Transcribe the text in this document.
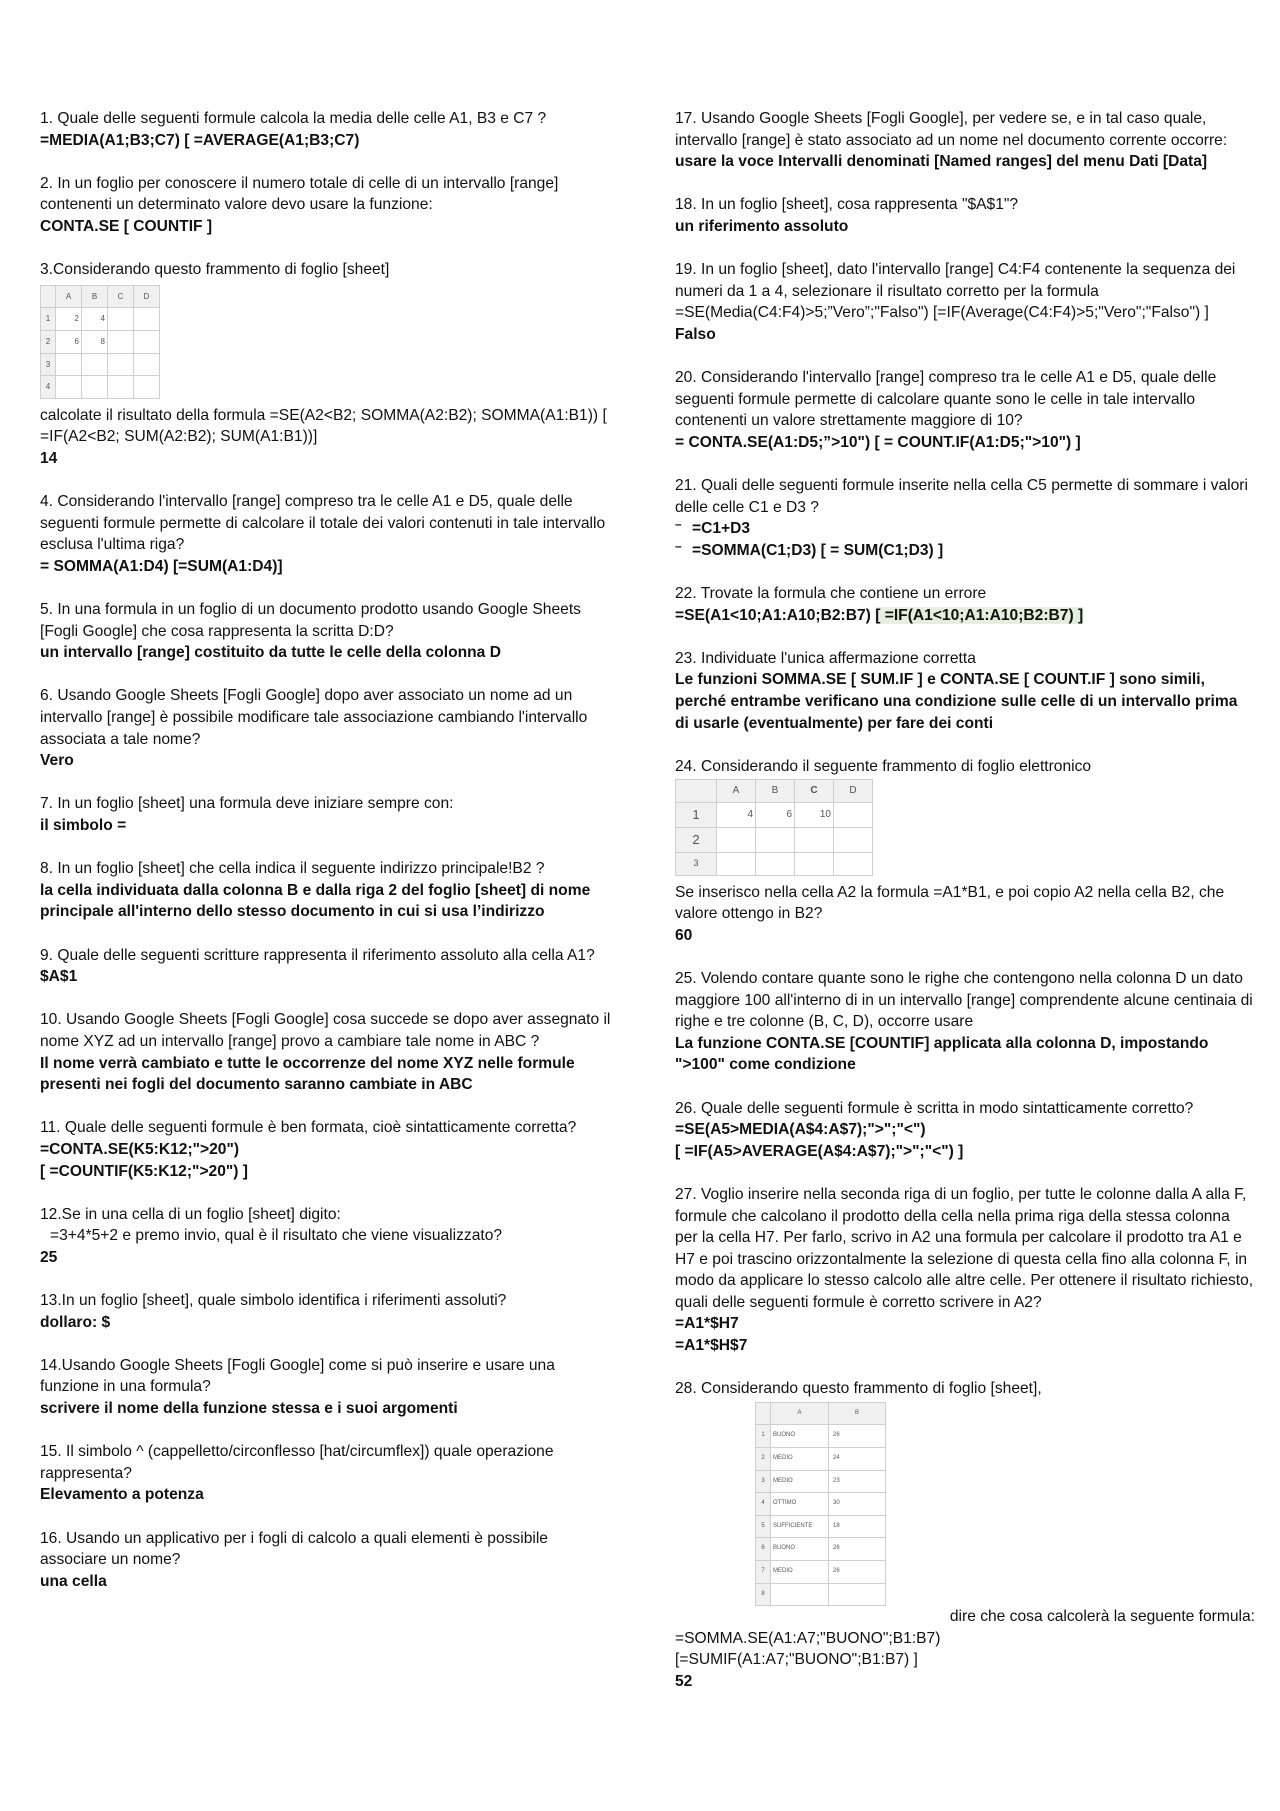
1. Quale delle seguenti formule calcola la media delle celle A1, B3 e C7 ?

=MEDIA(A1;B3;C7) [ =AVERAGE(A1;B3;C7)

2. In un foglio per conoscere il numero totale di celle di un intervallo [range] contenenti un determinato valore devo usare la funzione:

CONTA.SE [ COUNTIF ]

3.Considerando questo frammento di foglio [sheet]

	A	B	C	D
1	2	4		
2	6	8		
3				
4				

calcolate il risultato della formula =SE(A2<B2; SOMMA(A2:B2); SOMMA(A1:B1)) [ =IF(A2<B2; SUM(A2:B2); SUM(A1:B1))]

14

4. Considerando l'intervallo [range] compreso tra le celle A1 e D5, quale delle seguenti formule permette di calcolare il totale dei valori contenuti in tale intervallo esclusa l'ultima riga?

= SOMMA(A1:D4) [=SUM(A1:D4)]

5. In una formula in un foglio di un documento prodotto usando Google Sheets [Fogli Google] che cosa rappresenta la scritta D:D?

un intervallo [range] costituito da tutte le celle della colonna D

6. Usando Google Sheets [Fogli Google] dopo aver associato un nome ad un intervallo [range] è possibile modificare tale associazione cambiando l'intervallo associata a tale nome?

Vero

7. In un foglio [sheet] una formula deve iniziare sempre con:

il simbolo =

8. In un foglio [sheet] che cella indica il seguente indirizzo principale!B2 ?

la cella individuata dalla colonna B e dalla riga 2 del foglio [sheet] di nome principale all'interno dello stesso documento in cui si usa l’indirizzo

9. Quale delle seguenti scritture rappresenta il riferimento assoluto alla cella A1?

$A$1

10. Usando Google Sheets [Fogli Google] cosa succede se dopo aver assegnato il nome XYZ ad un intervallo [range] provo a cambiare tale nome in ABC ?

Il nome verrà cambiato e tutte le occorrenze del nome XYZ nelle formule presenti nei fogli del documento saranno cambiate in ABC

11. Quale delle seguenti formule è ben formata, cioè sintatticamente corretta?

=CONTA.SE(K5:K12;">20")

[ =COUNTIF(K5:K12;">20") ]

12.Se in una cella di un foglio [sheet] digito:

=3+4*5+2 e premo invio, qual è il risultato che viene visualizzato?

25

13.In un foglio [sheet], quale simbolo identifica i riferimenti assoluti?

dollaro: $

14.Usando Google Sheets [Fogli Google] come si può inserire e usare una funzione in una formula?

scrivere il nome della funzione stessa e i suoi argomenti

15. Il simbolo ^ (cappelletto/circonflesso [hat/circumflex]) quale operazione rappresenta?

Elevamento a potenza

16. Usando un applicativo per i fogli di calcolo a quali elementi è possibile associare un nome?

una cella

17. Usando Google Sheets [Fogli Google], per vedere se, e in tal caso quale, intervallo [range] è stato associato ad un nome nel documento corrente occorre:

usare la voce Intervalli denominati [Named ranges] del menu Dati [Data]

18. In un foglio [sheet], cosa rappresenta "$A$1"?

un riferimento assoluto

19. In un foglio [sheet], dato l'intervallo [range] C4:F4 contenente la sequenza dei numeri da 1 a 4, selezionare il risultato corretto per la formula =SE(Media(C4:F4)>5;”Vero”;"Falso") [=IF(Average(C4:F4)>5;"Vero";"Falso") ]

Falso

20. Considerando l'intervallo [range] compreso tra le celle A1 e D5, quale delle seguenti formule permette di calcolare quante sono le celle in tale intervallo contenenti un valore strettamente maggiore di 10?

= CONTA.SE(A1:D5;”>10") [ = COUNT.IF(A1:D5;">10") ]

21. Quali delle seguenti formule inserite nella cella C5 permette di sommare i valori delle celle C1 e D3 ?

– =C1+D3

– =SOMMA(C1;D3) [ = SUM(C1;D3) ]

22. Trovate la formula che contiene un errore

=SE(A1<10;A1:A10;B2:B7) [ =IF(A1<10;A1:A10;B2:B7) ]

23. Individuate l'unica affermazione corretta

Le funzioni SOMMA.SE [ SUM.IF ] e CONTA.SE [ COUNT.IF ] sono simili, perché entrambe verificano una condizione sulle celle di un intervallo prima di usarle (eventualmente) per fare dei conti

24. Considerando il seguente frammento di foglio elettronico

	A	B	C	D
1	4	6	10	
2				
3				

Se inserisco nella cella A2 la formula =A1*B1, e poi copio A2 nella cella B2, che valore ottengo in B2?

60

25. Volendo contare quante sono le righe che contengono nella colonna D un dato maggiore 100 all'interno di in un intervallo [range] comprendente alcune centinaia di righe e tre colonne (B, C, D), occorre usare

La funzione CONTA.SE [COUNTIF] applicata alla colonna D, impostando ">100" come condizione

26. Quale delle seguenti formule è scritta in modo sintatticamente corretto?

=SE(A5>MEDIA(A$4:A$7);">";"<")

[ =IF(A5>AVERAGE(A$4:A$7);">";"<") ]

27. Voglio inserire nella seconda riga di un foglio, per tutte le colonne dalla A alla F, formule che calcolano il prodotto della cella nella prima riga della stessa colonna per la cella H7. Per farlo, scrivo in A2 una formula per calcolare il prodotto tra A1 e H7 e poi trascino orizzontalmente la selezione di questa cella fino alla colonna F, in modo da applicare lo stesso calcolo alle altre celle. Per ottenere il risultato richiesto, quali delle seguenti formule è corretto scrivere in A2?

=A1*$H7

=A1*$H$7

28. Considerando questo frammento di foglio [sheet],

	A	B
1	BUONO	26
2	MEDIO	24
3	MEDIO	23
4	OTTIMO	30
5	SUFFICIENTE	18
6	BUONO	26
7	MEDIO	26
8		

dire che cosa calcolerà la seguente formula:

=SOMMA.SE(A1:A7;"BUONO";B1:B7)

[=SUMIF(A1:A7;"BUONO";B1:B7) ]

52
